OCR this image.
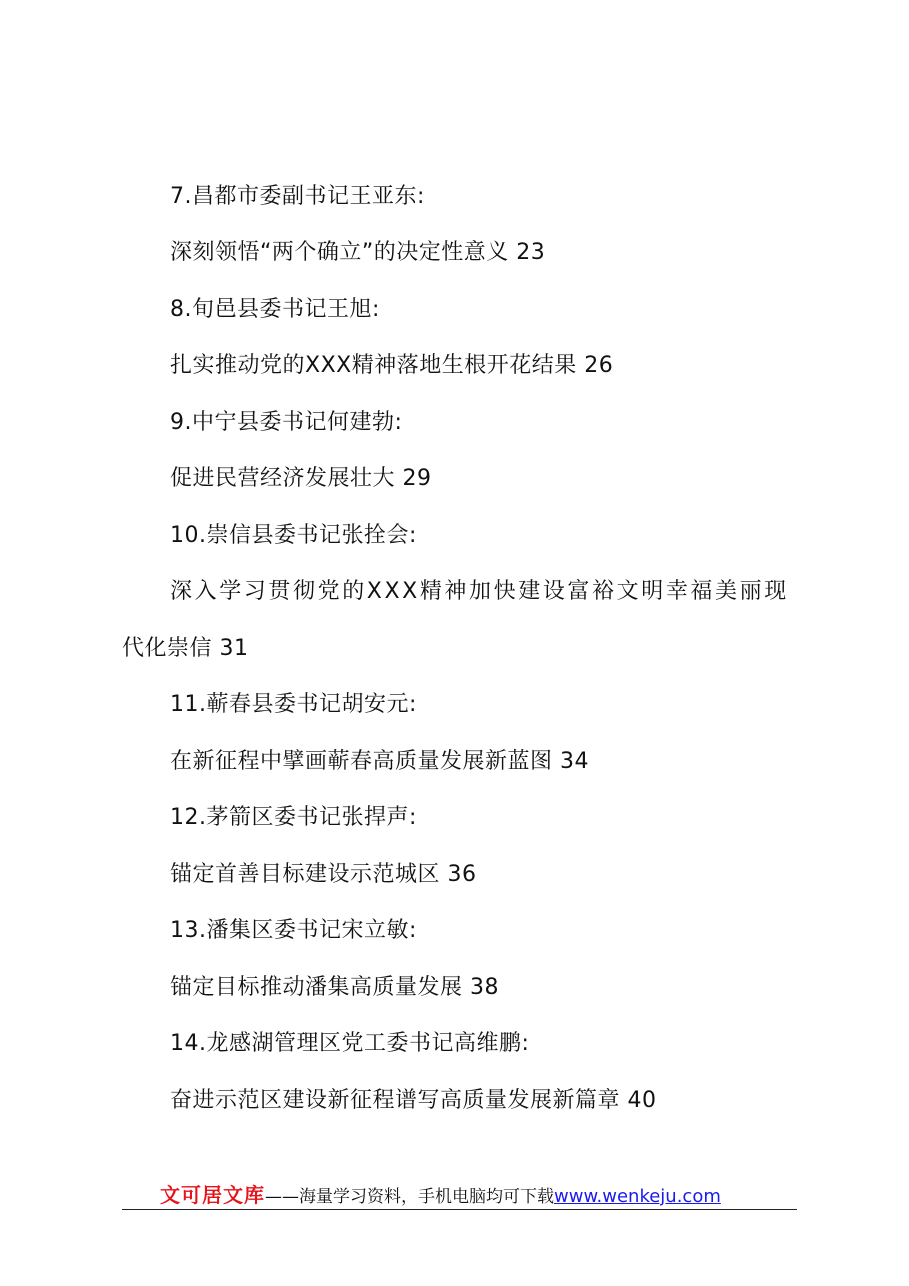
7.昌都市委副书记王亚东:
深刻领悟“两个确立”的决定性意义 23
8.旬邑县委书记王旭:
扎实推动党的XXX精神落地生根开花结果 26
9.中宁县委书记何建勃:
促进民营经济发展壮大 29
10.崇信县委书记张拴会:
深入学习贯彻党的XXX精神加快建设富裕文明幸福美丽现
代化崇信 31
11.蕲春县委书记胡安元:
在新征程中擘画蕲春高质量发展新蓝图 34
12.茅箭区委书记张捍声:
锚定首善目标建设示范城区 36
13.潘集区委书记宋立敏:
锚定目标推动潘集高质量发展 38
14.龙感湖管理区党工委书记高维鹏:
奋进示范区建设新征程谱写高质量发展新篇章 40
文可居文库——海量学习资料，手机电脑均可下载www.wenkeju.com
